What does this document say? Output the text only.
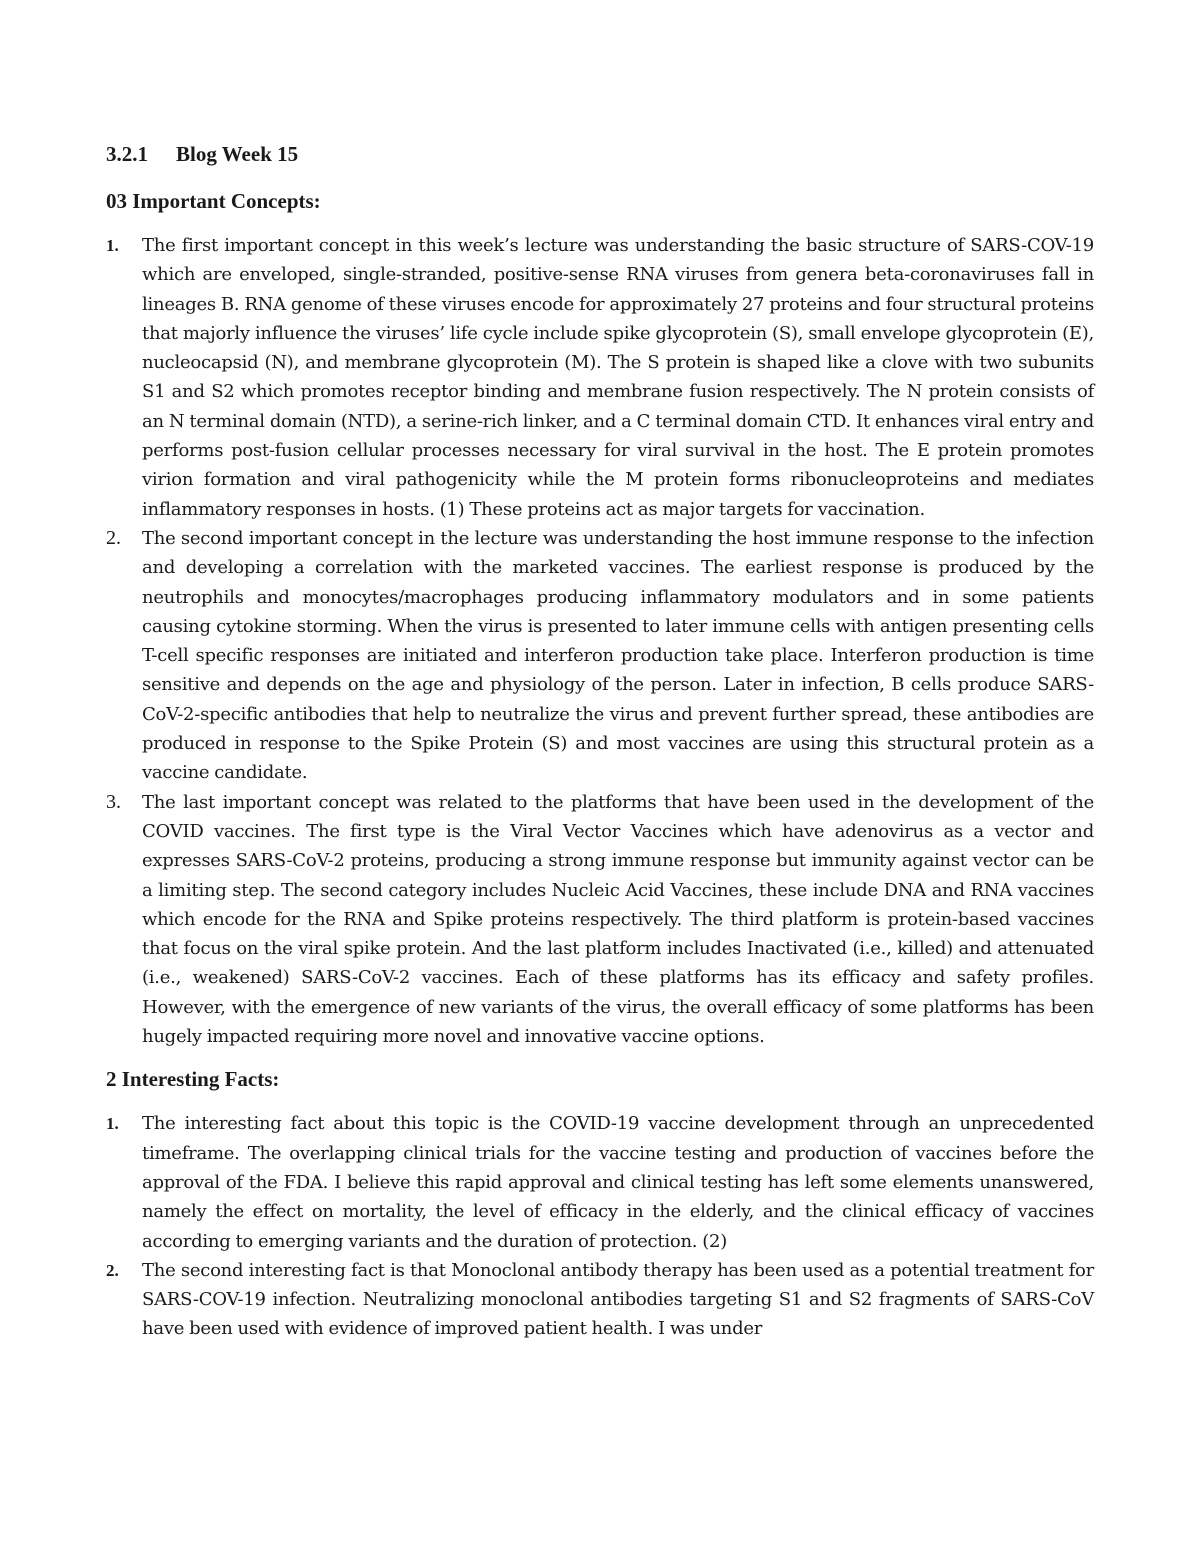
3.2.1	Blog Week 15
03 Important Concepts:
1.	The first important concept in this week’s lecture was understanding the basic structure of SARS-COV-19 which are enveloped, single-stranded, positive-sense RNA viruses from genera beta-coronaviruses fall in lineages B. RNA genome of these viruses encode for approximately 27 proteins and four structural proteins that majorly influence the viruses’ life cycle include spike glycoprotein (S), small envelope glycoprotein (E), nucleocapsid (N), and membrane glycoprotein (M). The S protein is shaped like a clove with two subunits S1 and S2 which promotes receptor binding and membrane fusion respectively. The N protein consists of an N terminal domain (NTD), a serine-rich linker, and a C terminal domain CTD. It enhances viral entry and performs post-fusion cellular processes necessary for viral survival in the host. The E protein promotes virion formation and viral pathogenicity while the M protein forms ribonucleoproteins and mediates inflammatory responses in hosts. (1) These proteins act as major targets for vaccination.
2.	The second important concept in the lecture was understanding the host immune response to the infection and developing a correlation with the marketed vaccines. The earliest response is produced by the neutrophils and monocytes/macrophages producing inflammatory modulators and in some patients causing cytokine storming. When the virus is presented to later immune cells with antigen presenting cells T-cell specific responses are initiated and interferon production take place. Interferon production is time sensitive and depends on the age and physiology of the person. Later in infection, B cells produce SARS-CoV-2-specific antibodies that help to neutralize the virus and prevent further spread, these antibodies are produced in response to the Spike Protein (S) and most vaccines are using this structural protein as a vaccine candidate.
3.	The last important concept was related to the platforms that have been used in the development of the COVID vaccines. The first type is the Viral Vector Vaccines which have adenovirus as a vector and expresses SARS-CoV-2 proteins, producing a strong immune response but immunity against vector can be a limiting step. The second category includes Nucleic Acid Vaccines, these include DNA and RNA vaccines which encode for the RNA and Spike proteins respectively. The third platform is protein-based vaccines that focus on the viral spike protein. And the last platform includes Inactivated (i.e., killed) and attenuated (i.e., weakened) SARS-CoV-2 vaccines. Each of these platforms has its efficacy and safety profiles. However, with the emergence of new variants of the virus, the overall efficacy of some platforms has been hugely impacted requiring more novel and innovative vaccine options.
2 Interesting Facts:
1.	The interesting fact about this topic is the COVID-19 vaccine development through an unprecedented timeframe. The overlapping clinical trials for the vaccine testing and production of vaccines before the approval of the FDA. I believe this rapid approval and clinical testing has left some elements unanswered, namely the effect on mortality, the level of efficacy in the elderly, and the clinical efficacy of vaccines according to emerging variants and the duration of protection. (2)
2.	The second interesting fact is that Monoclonal antibody therapy has been used as a potential treatment for SARS-COV-19 infection. Neutralizing monoclonal antibodies targeting S1 and S2 fragments of SARS-CoV have been used with evidence of improved patient health. I was under
